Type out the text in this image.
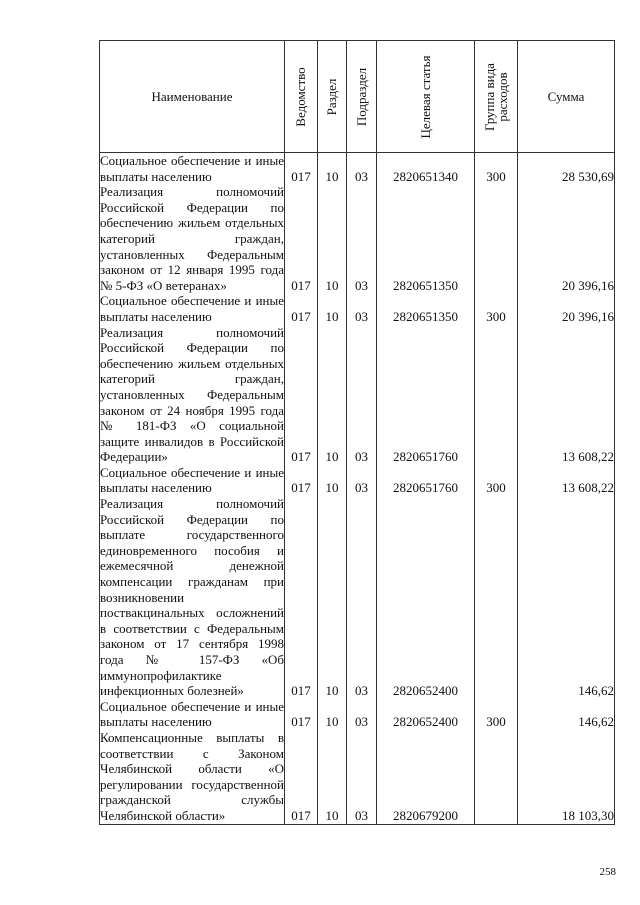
Наименование	Ведомство	Раздел	Подраздел	Целевая статья	Группа вида расходов	Сумма
Социальное обеспечение и иные выплаты населению	017	10	03	2820651340	300	28 530,69
Реализация полномочий Российской Федерации по обеспечению жильем отдельных категорий граждан, установленных Федеральным законом от 12 января 1995 года № 5-ФЗ «О ветеранах»	017	10	03	2820651350		20 396,16
Социальное обеспечение и иные выплаты населению	017	10	03	2820651350	300	20 396,16
Реализация полномочий Российской Федерации по обеспечению жильем отдельных категорий граждан, установленных Федеральным законом от 24 ноября 1995 года № 181-ФЗ «О социальной защите инвалидов в Российской Федерации»	017	10	03	2820651760		13 608,22
Социальное обеспечение и иные выплаты населению	017	10	03	2820651760	300	13 608,22
Реализация полномочий Российской Федерации по выплате государственного единовременного пособия и ежемесячной денежной компенсации гражданам при возникновении поствакцинальных осложнений в соответствии с Федеральным законом от 17 сентября 1998 года № 157-ФЗ «Об иммунопрофилактике инфекционных болезней»	017	10	03	2820652400		146,62
Социальное обеспечение и иные выплаты населению	017	10	03	2820652400	300	146,62
Компенсационные выплаты в соответствии с Законом Челябинской области «О регулировании государственной гражданской службы Челябинской области»	017	10	03	2820679200		18 103,30
258
